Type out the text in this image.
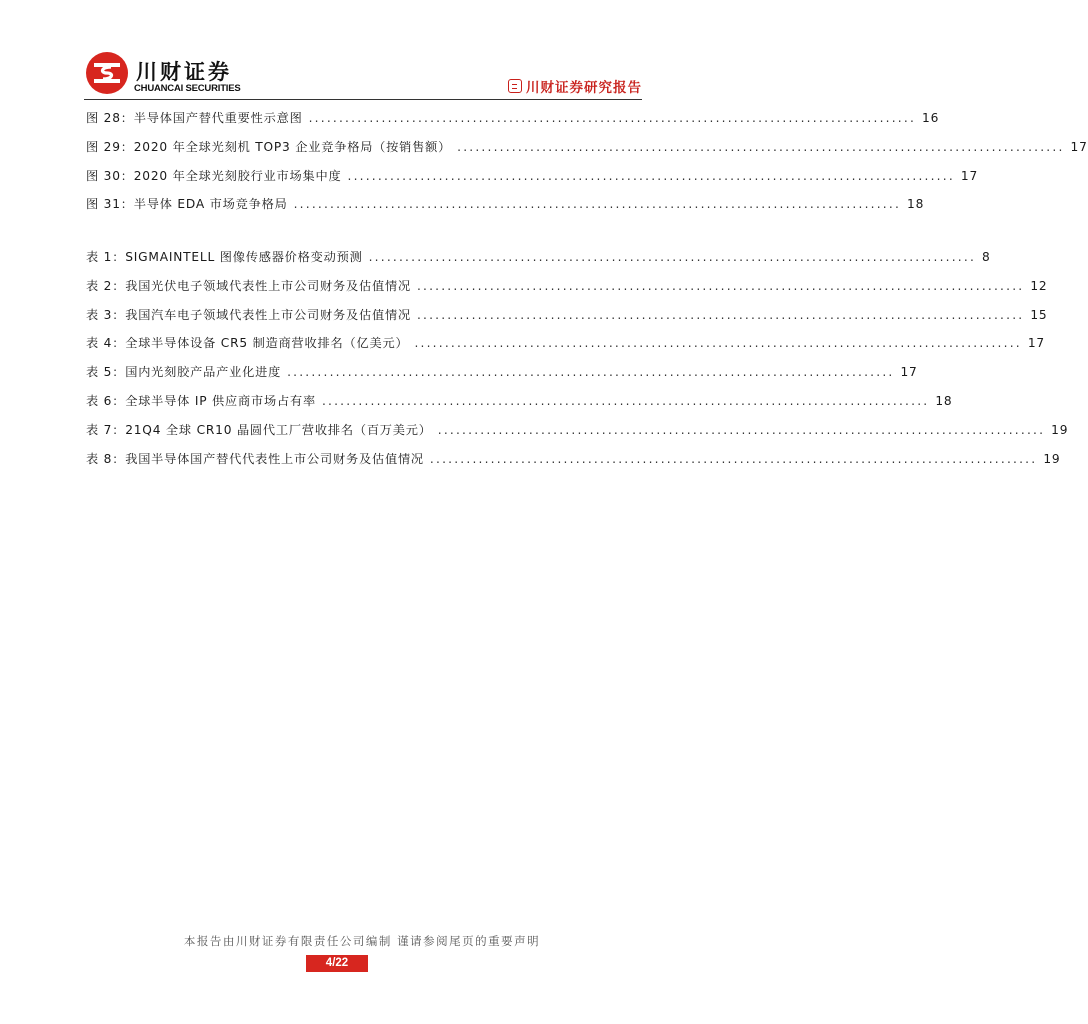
川财证券
CHUANCAI SECURITIES	川财证券研究报告
图 28：半导体国产替代重要性示意图 .................................................................................................... 16
图 29：2020 年全球光刻机 TOP3 企业竞争格局（按销售额） .................................................................................................... 17
图 30：2020 年全球光刻胶行业市场集中度 .................................................................................................... 17
图 31：半导体 EDA 市场竞争格局 .................................................................................................... 18
表 1：SIGMAINTELL 图像传感器价格变动预测 .................................................................................................... 8
表 2：我国光伏电子领域代表性上市公司财务及估值情况 .................................................................................................... 12
表 3：我国汽车电子领域代表性上市公司财务及估值情况 .................................................................................................... 15
表 4：全球半导体设备 CR5 制造商营收排名（亿美元） .................................................................................................... 17
表 5：国内光刻胶产品产业化进度 .................................................................................................... 17
表 6：全球半导体 IP 供应商市场占有率 .................................................................................................... 18
表 7：21Q4 全球 CR10 晶圆代工厂营收排名（百万美元） .................................................................................................... 19
表 8：我国半导体国产替代代表性上市公司财务及估值情况 .................................................................................................... 19
本报告由川财证券有限责任公司编制 谨请参阅尾页的重要声明
4/22
